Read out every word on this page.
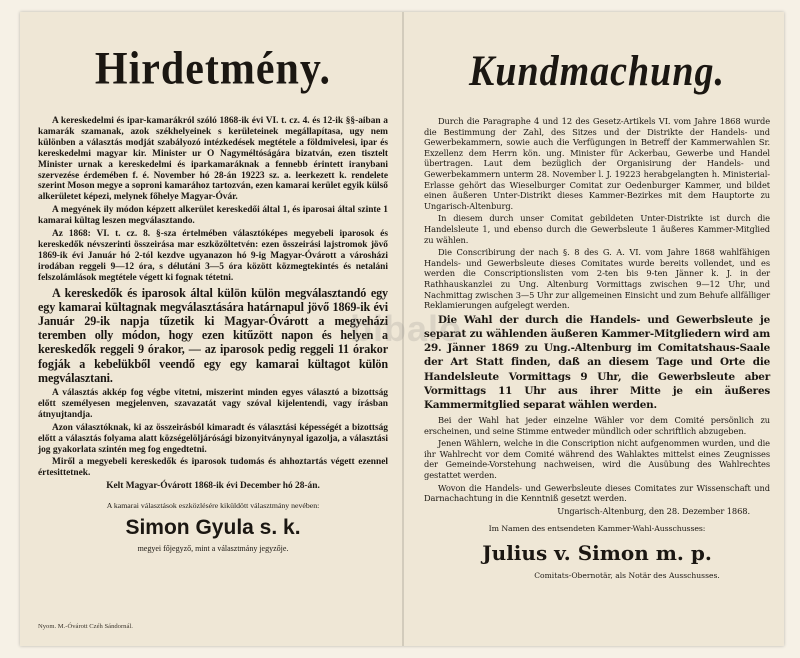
Hirdetmény.

A kereskedelmi és ipar-kamarákról szóló 1868-ik évi VI. t. cz. 4. és 12-ik §§-aiban a kamarák szamanak, azok székhelyeinek s kerületeinek megállapítasa, ugy nem különben a választás modját szabályozó intézkedések megtétele a földmivelesi, ipar és kereskedelmi magyar kir. Minister ur O Nagyméltóságára bizatván, ezen tisztelt Minister urnak a kereskedelmi és iparkamaráknak a fennebb érintett iranybani szervezése érdemében f. é. November hó 28-án 19223 sz. a. leerkezett k. rendelete szerint Moson megye a soproni kamarához tartozván, ezen kamarai kerület egyik külső alkerületet képezi, melynek főhelye Magyar-Óvár.

A megyének ily módon képzett alkerület kereskedői által 1, és iparosai által szinte 1 kamarai kültag leszen megválasztando.

Az 1868: VI. t. cz. 8. §-sza értelmében választóképes megyebeli iparosok és kereskedők névszerinti összeirása mar eszközöltetvén: ezen összeirási lajstromok jövő 1869-ik évi Január hó 2-tól kezdve ugyanazon hó 9-ig Magyar-Óvárott a városházi irodában reggeli 9—12 óra, s délutáni 3—5 óra között közmegtekintés és netaláni felszolámlások megtétele végett ki fognak tétetni.

A kereskedők és iparosok által külön külön megválasztandó egy egy kamarai kültagnak megválasztására határnapul jövő 1869-ik évi Január 29-ik napja tűzetik ki Magyar-Óvárott a megyeházi teremben olly módon, hogy ezen kitűzött napon és helyen a kereskedők reggeli 9 órakor, — az iparosok pedig reggeli 11 órakor fogják a kebelükből veendő egy egy kamarai kültagot külön megválasztani.

A választás akkép fog végbe vitetni, miszerint minden egyes választó a bizottság előtt személyesen megjelenven, szavazatát vagy szóval kijelentendi, vagy írásban átnyujtandja.

Azon választóknak, ki az összeirásból kimaradt és választási képességét a bizottság előtt a választás folyama alatt községelöljárósági bizonyitványnyal igazolja, a választási jog gyakorlata szintén meg fog engedtetni.

Miről a megyebeli kereskedők és iparosok tudomás és ahhoztartás végett ezennel értesittetnek.

Kelt Magyar-Óvárott 1868-ik évi December hó 28-án.

A kamarai választások eszközlésére kiküldött választmány nevében:

Simon Gyula s. k.

megyei főjegyző, mint a választmány jegyzője.

Nyom. M.-Óvárott Czéh Sándornál.
Kundmachung.

Durch die Paragraphe 4 und 12 des Gesetz-Artikels VI. vom Jahre 1868 wurde die Bestimmung der Zahl, des Sitzes und der Distrikte der Handels- und Gewerbekammern, sowie auch die Verfügungen in Betreff der Kammerwahlen Sr. Exzellenz dem Herrn kön. ung. Minister für Ackerbau, Gewerbe und Handel übertragen. Laut dem bezüglich der Organisirung der Handels- und Gewerbekammern unterm 28. November l. J. 19223 herabgelangten h. Ministerial-Erlasse gehört das Wieselburger Comitat zur Oedenburger Kammer, und bildet einen äußeren Unter-Distrikt dieses Kammer-Bezirkes mit dem Hauptorte zu Ungarisch-Altenburg.

In diesem durch unser Comitat gebildeten Unter-Distrikte ist durch die Handelsleute 1, und ebenso durch die Gewerbsleute 1 äußeres Kammer-Mitglied zu wählen.

Die Conscribirung der nach §. 8 des G. A. VI. vom Jahre 1868 wahlfähigen Handels- und Gewerbsleute dieses Comitates wurde bereits vollendet, und es werden die Conscriptionslisten vom 2-ten bis 9-ten Jänner k. J. in der Rathhauskanzlei zu Ung. Altenburg Vormittags zwischen 9—12 Uhr, und Nachmittag zwischen 3—5 Uhr zur allgemeinen Einsicht und zum Behufe allfälliger Reklamierungen aufgelegt werden.

Die Wahl der durch die Handels- und Gewerbsleute je separat zu wählenden äußeren Kammer-Mitgliedern wird am 29. Jänner 1869 zu Ung.-Altenburg im Comitatshaus-Saale der Art Statt finden, daß an diesem Tage und Orte die Handelsleute Vormittags 9 Uhr, die Gewerbsleute aber Vormittags 11 Uhr aus ihrer Mitte je ein äußeres Kammermitglied separat wählen werden.

Bei der Wahl hat jeder einzelne Wähler vor dem Comité persönlich zu erscheinen, und seine Stimme entweder mündlich oder schriftlich abzugeben.

Jenen Wählern, welche in die Conscription nicht aufgenommen wurden, und die ihr Wahlrecht vor dem Comité während des Wahlaktes mittelst eines Zeugnisses der Gemeinde-Vorstehung nachweisen, wird die Ausübung des Wahlrechtes gestattet werden.

Wovon die Handels- und Gewerbsleute dieses Comitates zur Wissenschaft und Darnachachtung in die Kenntniß gesetzt werden.

Ungarisch-Altenburg, den 28. Dezember 1868.

Im Namen des entsendeten Kammer-Wahl-Ausschusses:

Julius v. Simon m. p.

Comitats-Obernotär, als Notär des Ausschusses.

bibalo
